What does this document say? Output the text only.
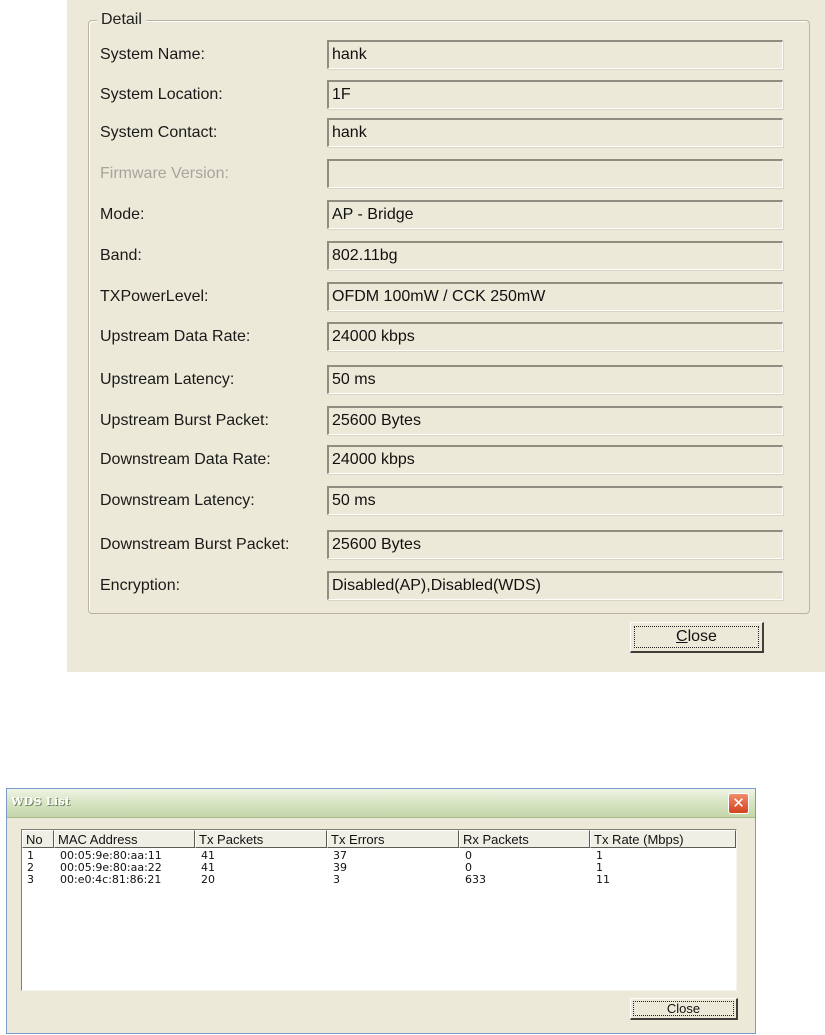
Detail
System Name:	hank
System Location:	1F
System Contact:	hank
Firmware Version:
Mode:	AP - Bridge
Band:	802.11bg
TXPowerLevel:	OFDM 100mW / CCK 250mW
Upstream Data Rate:	24000 kbps
Upstream Latency:	50 ms
Upstream Burst Packet:	25600 Bytes
Downstream Data Rate:	24000 kbps
Downstream Latency:	50 ms
Downstream Burst Packet:	25600 Bytes
Encryption:	Disabled(AP),Disabled(WDS)
C lose
WDS List	✕
No	MAC Address	Tx Packets	Tx Errors	Rx Packets	Tx Rate (Mbps)
1 00:05:9e:80:aa:11	41	37	0	1
2 00:05:9e:80:aa:22	41	39	0	1
3 00:e0:4c:81:86:21	20	3	633	11
Close
